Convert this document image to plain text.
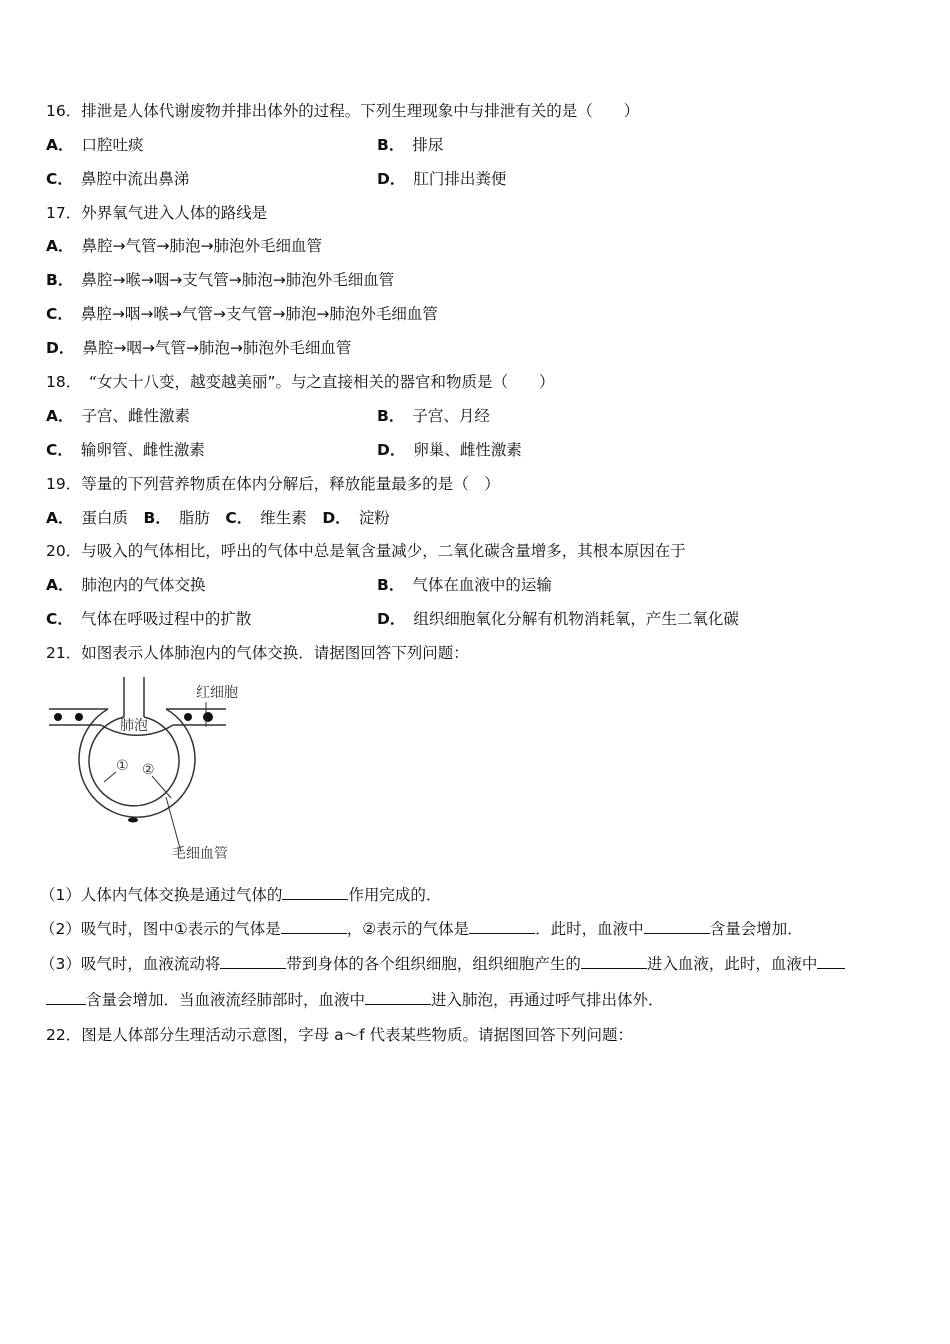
16．排泄是人体代谢废物并排出体外的过程。下列生理现象中与排泄有关的是（　　）
A． 口腔吐痰	B． 排尿
C． 鼻腔中流出鼻涕	D． 肛门排出粪便
17．外界氧气进入人体的路线是
A． 鼻腔→气管→肺泡→肺泡外毛细血管
B． 鼻腔→喉→咽→支气管→肺泡→肺泡外毛细血管
C． 鼻腔→咽→喉→气管→支气管→肺泡→肺泡外毛细血管
D． 鼻腔→咽→气管→肺泡→肺泡外毛细血管
18．　“女大十八变，越变越美丽”。与之直接相关的器官和物质是（　　）
A． 子宫、雌性激素	B． 子宫、月经
C． 输卵管、雌性激素	D． 卵巢、雌性激素
19．等量的下列营养物质在体内分解后，释放能量最多的是（　）
A． 蛋白质　 B． 脂肪　 C． 维生素　 D． 淀粉
20．与吸入的气体相比，呼出的气体中总是氧含量减少，二氧化碳含量增多，其根本原因在于
A． 肺泡内的气体交换	B． 气体在血液中的运输
C． 气体在呼吸过程中的扩散	D． 组织细胞氧化分解有机物消耗氧，产生二氧化碳
21．如图表示人体肺泡内的气体交换．请据图回答下列问题：
红细胞
肺泡
① ②
毛细血管
（1）人体内气体交换是通过气体的	作用完成的．
（2）吸气时，图中①表示的气体是	，②表示的气体是	．此时，血液中	含量会增加．
（3）吸气时，血液流动将	带到身体的各个组织细胞，组织细胞产生的	进入血液，此时，血液中
含量会增加．当血液流经肺部时，血液中	进入肺泡，再通过呼气排出体外．
22．图是人体部分生理活动示意图，字母 a～f 代表某些物质。请据图回答下列问题：
